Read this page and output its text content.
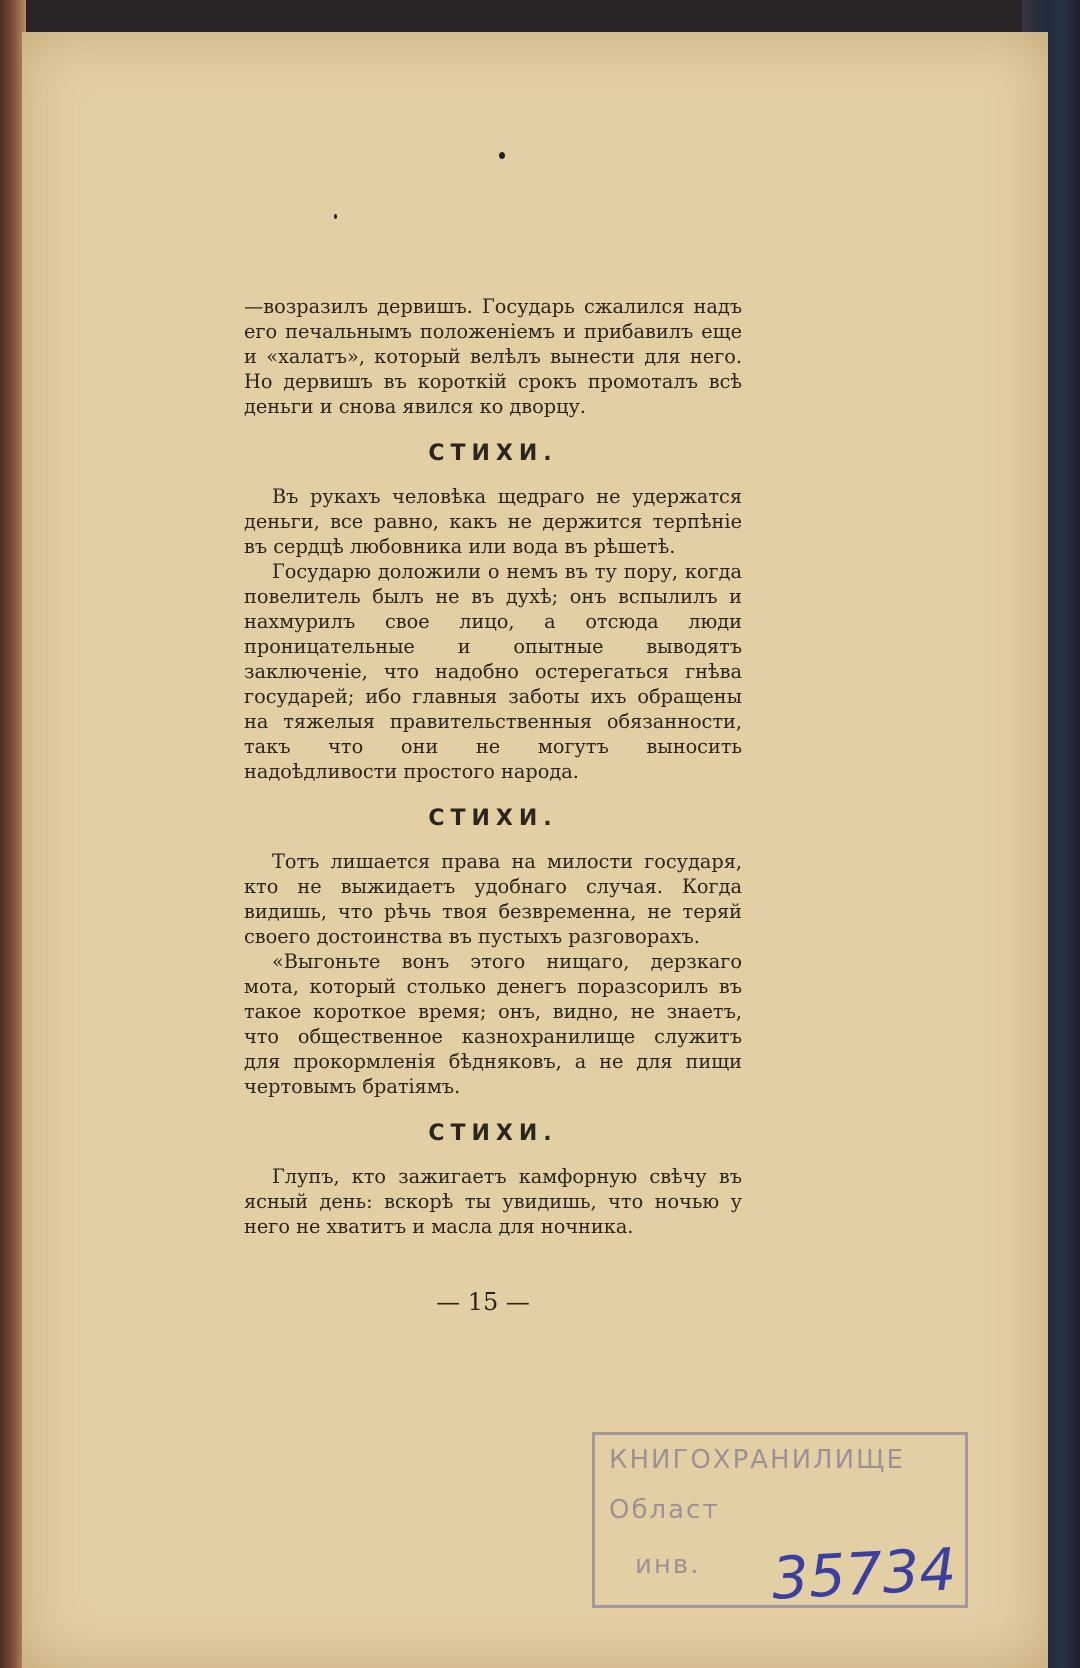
—возразилъ дервишъ. Государь сжалился надъ его печальнымъ положеніемъ и прибавилъ еще и «халатъ», который велѣлъ вынести для него. Но дервишъ въ короткій срокъ промоталъ всѣ деньги и снова явился ко дворцу.

СТИХИ.

Въ рукахъ человѣка щедраго не удержатся деньги, все равно, какъ не держится терпѣніе въ сердцѣ любовника или вода въ рѣшетѣ.

Государю доложили о немъ въ ту пору, когда повелитель былъ не въ духѣ; онъ вспылилъ и нахмурилъ свое лицо, а отсюда люди проницательные и опытные выводятъ заключеніе, что надобно остерегаться гнѣва государей; ибо главныя заботы ихъ обращены на тяжелыя правительственныя обязанности, такъ что они не могутъ выносить надоѣдливости простого народа.

СТИХИ.

Тотъ лишается права на милости государя, кто не выжидаетъ удобнаго случая. Когда видишь, что рѣчь твоя безвременна, не теряй своего достоинства въ пустыхъ разговорахъ.

«Выгоньте вонъ этого нищаго, дерзкаго мота, который столько денегъ поразсорилъ въ такое короткое время; онъ, видно, не знаетъ, что общественное казнохранилище служитъ для прокормленія бѣдняковъ, а не для пищи чертовымъ братіямъ.

СТИХИ.

Глупъ, кто зажигаетъ камфорную свѣчу въ ясный день: вскорѣ ты увидишь, что ночью у него не хватитъ и масла для ночника.

— 15 —
КНИГОХРАНИЛИЩЕ
Област
инв. 35734
